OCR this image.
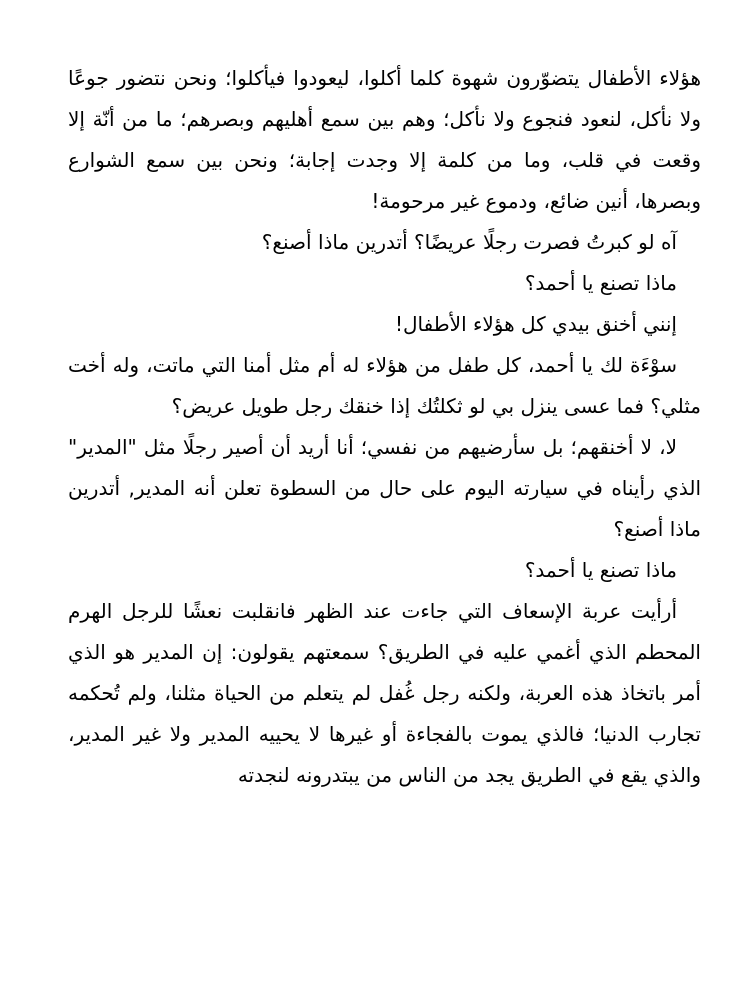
هؤلاء الأطفال يتضوّرون شهوة كلما أكلوا، ليعودوا فيأكلوا؛ ونحن نتضور جوعًا ولا نأكل، لنعود فنجوع ولا نأكل؛ وهم بين سمع أهليهم وبصرهم؛ ما من أنّة إلا وقعت في قلب، وما من كلمة إلا وجدت إجابة؛ ونحن بين سمع الشوارع وبصرها، أنين ضائع، ودموع غير مرحومة!

آه لو كبرتُ فصرت رجلًا عريضًا؟ أتدرين ماذا أصنع؟

ماذا تصنع يا أحمد؟

إنني أخنق بيدي كل هؤلاء الأطفال!

سوْءَة لك يا أحمد، كل طفل من هؤلاء له أم مثل أمنا التي ماتت، وله أخت مثلي؟ فما عسى ينزل بي لو ثكلتُك إذا خنقك رجل طويل عريض؟

لا، لا أخنقهم؛ بل سأرضيهم من نفسي؛ أنا أريد أن أصير رجلًا مثل "المدير" الذي رأيناه في سيارته اليوم على حال من السطوة تعلن أنه المدير, أتدرين ماذا أصنع؟

ماذا تصنع يا أحمد؟

أرأيت عربة الإسعاف التي جاءت عند الظهر فانقلبت نعشًا للرجل الهرم المحطم الذي أغمي عليه في الطريق؟ سمعتهم يقولون: إن المدير هو الذي أمر باتخاذ هذه العربة، ولكنه رجل غُفل لم يتعلم من الحياة مثلنا، ولم تُحكمه تجارب الدنيا؛ فالذي يموت بالفجاءة أو غيرها لا يحييه المدير ولا غير المدير، والذي يقع في الطريق يجد من الناس من يبتدرونه لنجدته
